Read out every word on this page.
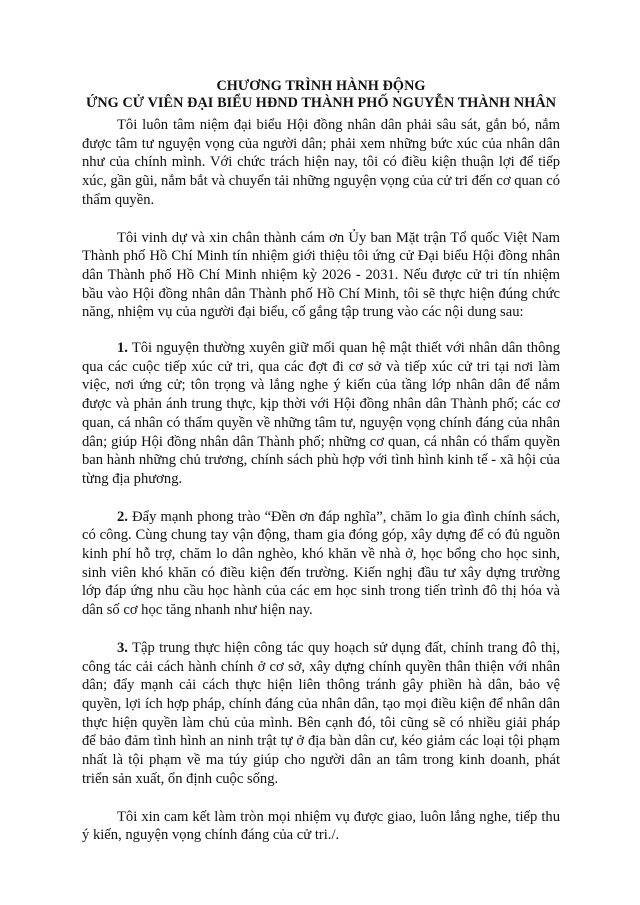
CHƯƠNG TRÌNH HÀNH ĐỘNG

ỨNG CỬ VIÊN ĐẠI BIỂU HĐND THÀNH PHỐ NGUYỄN THÀNH NHÂN

Tôi luôn tâm niệm đại biểu Hội đồng nhân dân phải sâu sát, gắn bó, nắm được tâm tư nguyện vọng của người dân; phải xem những bức xúc của nhân dân như của chính mình. Với chức trách hiện nay, tôi có điều kiện thuận lợi để tiếp xúc, gần gũi, nắm bắt và chuyển tải những nguyện vọng của cử tri đến cơ quan có thẩm quyền.

Tôi vinh dự và xin chân thành cám ơn Ủy ban Mặt trận Tổ quốc Việt Nam Thành phố Hồ Chí Minh tín nhiệm giới thiệu tôi ứng cử Đại biểu Hội đồng nhân dân Thành phố Hồ Chí Minh nhiệm kỳ 2026 - 2031. Nếu được cử tri tín nhiệm bầu vào Hội đồng nhân dân Thành phố Hồ Chí Minh, tôi sẽ thực hiện đúng chức năng, nhiệm vụ của người đại biểu, cố gắng tập trung vào các nội dung sau:

1. Tôi nguyện thường xuyên giữ mối quan hệ mật thiết với nhân dân thông qua các cuộc tiếp xúc cử tri, qua các đợt đi cơ sở và tiếp xúc cử tri tại nơi làm việc, nơi ứng cử; tôn trọng và lắng nghe ý kiến của tầng lớp nhân dân để nắm được và phản ánh trung thực, kịp thời với Hội đồng nhân dân Thành phố; các cơ quan, cá nhân có thẩm quyền về những tâm tư, nguyện vọng chính đáng của nhân dân; giúp Hội đồng nhân dân Thành phố; những cơ quan, cá nhân có thẩm quyền ban hành những chủ trương, chính sách phù hợp với tình hình kinh tế - xã hội của từng địa phương.

2. Đẩy mạnh phong trào “Đền ơn đáp nghĩa”, chăm lo gia đình chính sách, có công. Cùng chung tay vận động, tham gia đóng góp, xây dựng để có đủ nguồn kinh phí hỗ trợ, chăm lo dân nghèo, khó khăn về nhà ở, học bổng cho học sinh, sinh viên khó khăn có điều kiện đến trường. Kiến nghị đầu tư xây dựng trường lớp đáp ứng nhu cầu học hành của các em học sinh trong tiến trình đô thị hóa và dân số cơ học tăng nhanh như hiện nay.

3. Tập trung thực hiện công tác quy hoạch sử dụng đất, chỉnh trang đô thị, công tác cải cách hành chính ở cơ sở, xây dựng chính quyền thân thiện với nhân dân; đẩy mạnh cải cách thực hiện liên thông tránh gây phiền hà dân, bảo vệ quyền, lợi ích hợp pháp, chính đáng của nhân dân, tạo mọi điều kiện để nhân dân thực hiện quyền làm chủ của mình. Bên cạnh đó, tôi cũng sẽ có nhiều giải pháp để bảo đảm tình hình an ninh trật tự ở địa bàn dân cư, kéo giảm các loại tội phạm nhất là tội phạm về ma túy giúp cho người dân an tâm trong kinh doanh, phát triển sản xuất, ổn định cuộc sống.

Tôi xin cam kết làm tròn mọi nhiệm vụ được giao, luôn lắng nghe, tiếp thu ý kiến, nguyện vọng chính đáng của cử tri./.
